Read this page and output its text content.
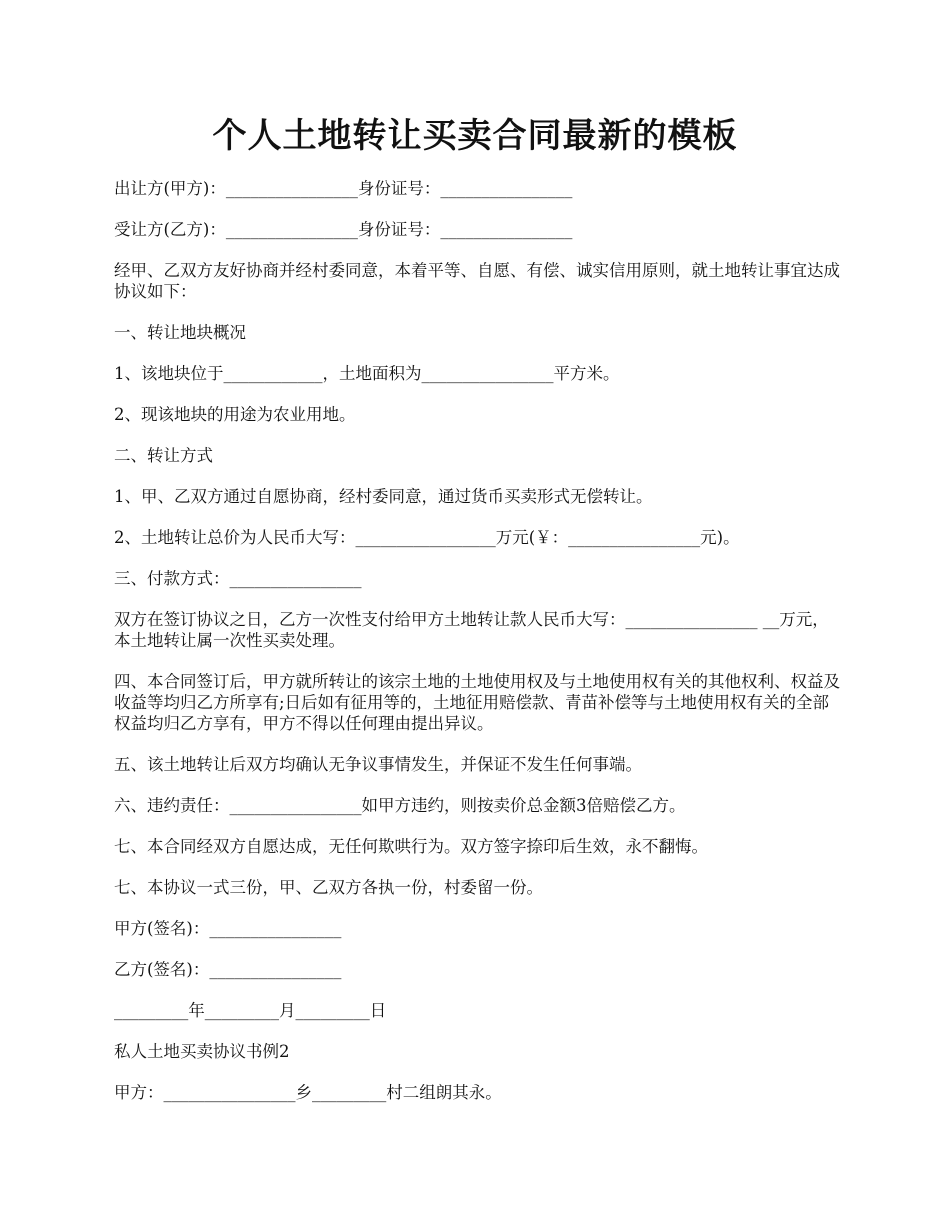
个人土地转让买卖合同最新的模板

出让方(甲方)：________________身份证号：________________

受让方(乙方)：________________身份证号：________________

经甲、乙双方友好协商并经村委同意，本着平等、自愿、有偿、诚实信用原则，就土地转让事宜达成协议如下：

一、转让地块概况

1、该地块位于____________，土地面积为________________平方米。

2、现该地块的用途为农业用地。

二、转让方式

1、甲、乙双方通过自愿协商，经村委同意，通过货币买卖形式无偿转让。

2、土地转让总价为人民币大写：_________________万元(￥：________________元)。

三、付款方式：________________

双方在签订协议之日，乙方一次性支付给甲方土地转让款人民币大写：________________ __万元，本土地转让属一次性买卖处理。

四、本合同签订后，甲方就所转让的该宗土地的土地使用权及与土地使用权有关的其他权利、权益及收益等均归乙方所享有;日后如有征用等的，土地征用赔偿款、青苗补偿等与土地使用权有关的全部权益均归乙方享有，甲方不得以任何理由提出异议。

五、该土地转让后双方均确认无争议事情发生，并保证不发生任何事端。

六、违约责任：________________如甲方违约，则按卖价总金额3倍赔偿乙方。

七、本合同经双方自愿达成，无任何欺哄行为。双方签字捺印后生效，永不翻悔。

七、本协议一式三份，甲、乙双方各执一份，村委留一份。

甲方(签名)：________________

乙方(签名)：________________

_________年_________月_________日

私人土地买卖协议书例2

甲方：________________乡_________村二组朗其永。
